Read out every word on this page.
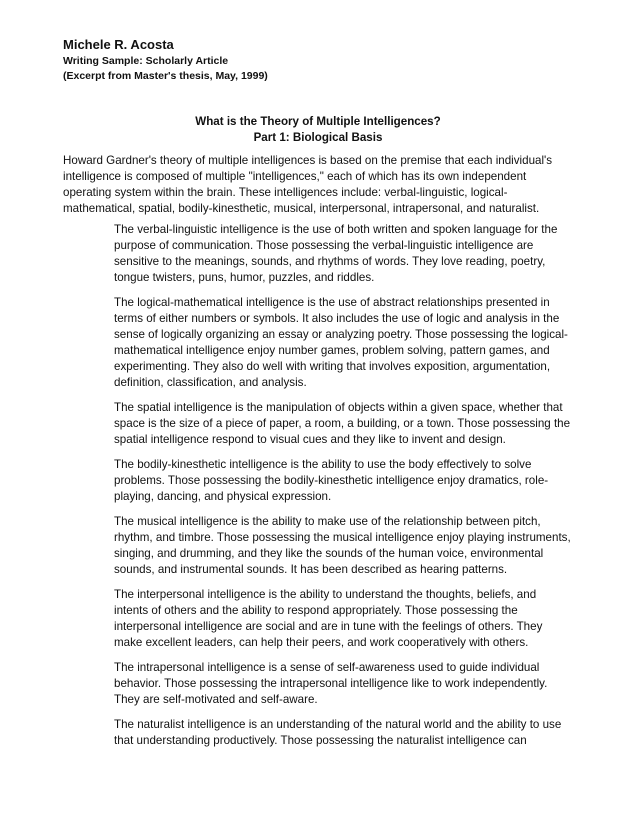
Michele R. Acosta

Writing Sample: Scholarly Article

(Excerpt from Master's thesis, May, 1999)

What is the Theory of Multiple Intelligences?

Part 1: Biological Basis

Howard Gardner's theory of multiple intelligences is based on the premise that each individual's intelligence is composed of multiple "intelligences," each of which has its own independent operating system within the brain. These intelligences include: verbal-linguistic, logical-mathematical, spatial, bodily-kinesthetic, musical, interpersonal, intrapersonal, and naturalist.

The verbal-linguistic intelligence is the use of both written and spoken language for the purpose of communication. Those possessing the verbal-linguistic intelligence are sensitive to the meanings, sounds, and rhythms of words. They love reading, poetry, tongue twisters, puns, humor, puzzles, and riddles.

The logical-mathematical intelligence is the use of abstract relationships presented in terms of either numbers or symbols. It also includes the use of logic and analysis in the sense of logically organizing an essay or analyzing poetry. Those possessing the logical-mathematical intelligence enjoy number games, problem solving, pattern games, and experimenting. They also do well with writing that involves exposition, argumentation, definition, classification, and analysis.

The spatial intelligence is the manipulation of objects within a given space, whether that space is the size of a piece of paper, a room, a building, or a town. Those possessing the spatial intelligence respond to visual cues and they like to invent and design.

The bodily-kinesthetic intelligence is the ability to use the body effectively to solve problems. Those possessing the bodily-kinesthetic intelligence enjoy dramatics, role-playing, dancing, and physical expression.

The musical intelligence is the ability to make use of the relationship between pitch, rhythm, and timbre. Those possessing the musical intelligence enjoy playing instruments, singing, and drumming, and they like the sounds of the human voice, environmental sounds, and instrumental sounds. It has been described as hearing patterns.

The interpersonal intelligence is the ability to understand the thoughts, beliefs, and intents of others and the ability to respond appropriately. Those possessing the interpersonal intelligence are social and are in tune with the feelings of others. They make excellent leaders, can help their peers, and work cooperatively with others.

The intrapersonal intelligence is a sense of self-awareness used to guide individual behavior. Those possessing the intrapersonal intelligence like to work independently. They are self-motivated and self-aware.

The naturalist intelligence is an understanding of the natural world and the ability to use that understanding productively. Those possessing the naturalist intelligence can
